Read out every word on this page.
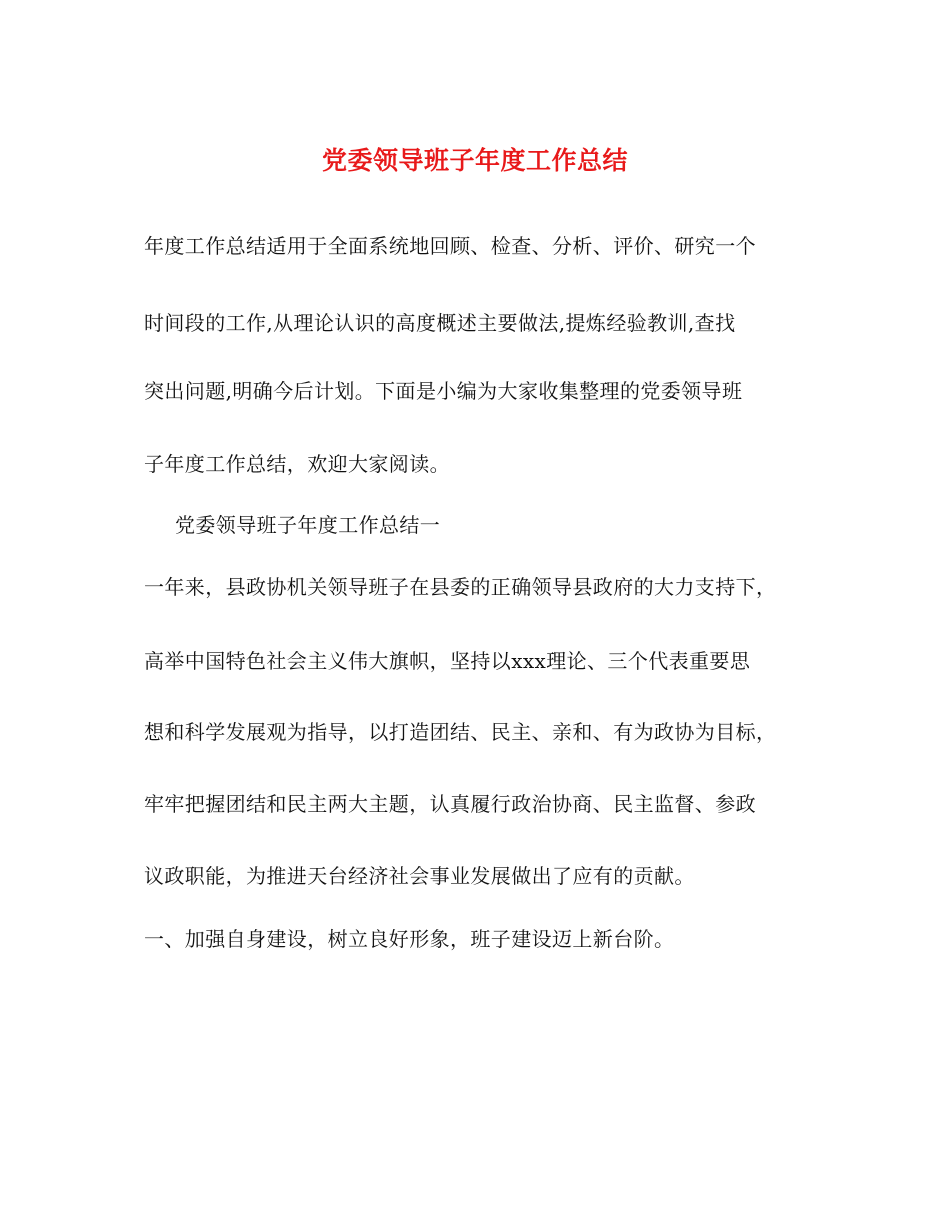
党委领导班子年度工作总结
年度工作总结适用于全面系统地回顾、检查、分析、评价、研究一个
时间段的工作,从理论认识的高度概述主要做法,提炼经验教训,查找
突出问题,明确今后计划。下面是小编为大家收集整理的党委领导班
子年度工作总结，欢迎大家阅读。
党委领导班子年度工作总结一
一年来，县政协机关领导班子在县委的正确领导县政府的大力支持下，
高举中国特色社会主义伟大旗帜，坚持以xxx理论、三个代表重要思
想和科学发展观为指导，以打造团结、民主、亲和、有为政协为目标，
牢牢把握团结和民主两大主题，认真履行政治协商、民主监督、参政
议政职能，为推进天台经济社会事业发展做出了应有的贡献。
一、加强自身建设，树立良好形象，班子建设迈上新台阶。
